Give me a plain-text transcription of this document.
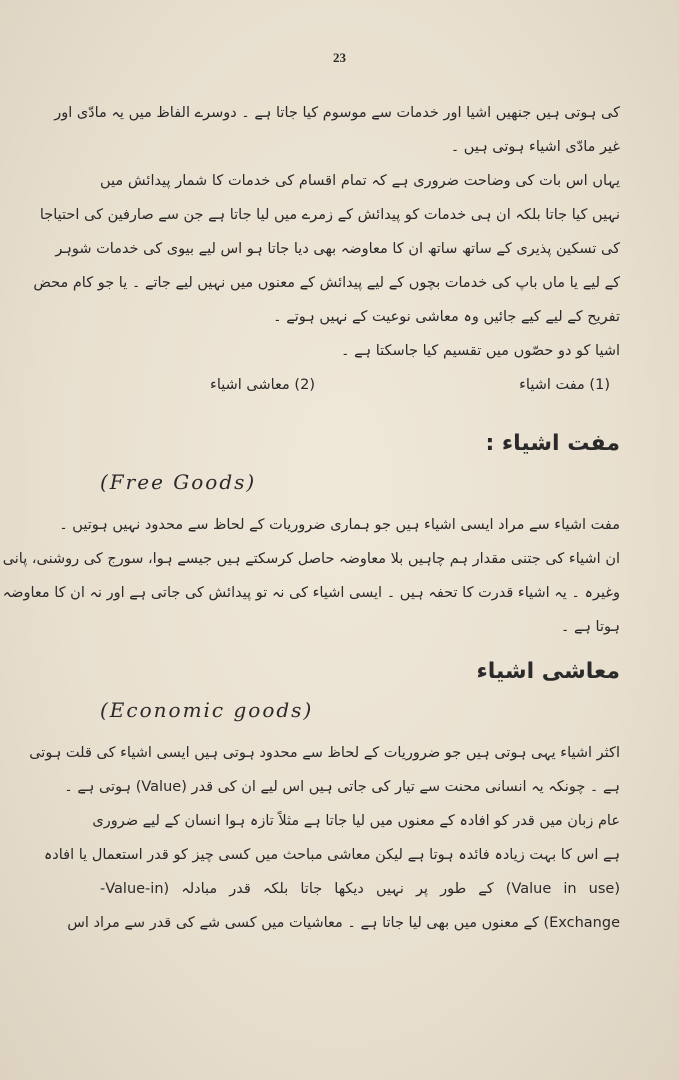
23
کی ہوتی ہیں جنھیں اشیا اور خدمات سے موسوم کیا جاتا ہے ۔ دوسرے الفاظ میں یہ مادّی اور
غیر مادّی اشیاء ہوتی ہیں ۔
یہاں اس بات کی وضاحت ضروری ہے کہ تمام اقسام کی خدمات کا شمار پیدائش میں
نہیں کیا جاتا بلکہ ان ہی خدمات کو پیدائش کے زمرے میں لیا جاتا ہے جن سے صارفین کی احتیاجا
کی تسکین پذیری کے ساتھ ساتھ ان کا معاوضہ بھی دیا جاتا ہو اس لیے بیوی کی خدمات شوہر
کے لیے یا ماں باپ کی خدمات بچوں کے لیے پیدائش کے معنوں میں نہیں لیے جاتے ۔ یا جو کام محض
تفریح کے لیے کیے جائیں وہ معاشی نوعیت کے نہیں ہوتے ۔
اشیا کو دو حصّوں میں تقسیم کیا جاسکتا ہے ۔
(1) مفت اشیاء
(2) معاشی اشیاء
مفت اشیاء :
(Free Goods)
مفت اشیاء سے مراد ایسی اشیاء ہیں جو ہماری ضروریات کے لحاظ سے محدود نہیں ہوتیں ۔
ان اشیاء کی جتنی مقدار ہم چاہیں بلا معاوضہ حاصل کرسکتے ہیں جیسے ہوا، سورج کی روشنی، پانی
وغیرہ ۔ یہ اشیاء قدرت کا تحفہ ہیں ۔ ایسی اشیاء کی نہ تو پیدائش کی جاتی ہے اور نہ ان کا معاوضہ
ہوتا ہے ۔
معاشی اشیاء
(Economic goods)
اکثر اشیاء یہی ہوتی ہیں جو ضروریات کے لحاظ سے محدود ہوتی ہیں ایسی اشیاء کی قلت ہوتی
ہے ۔ چونکہ یہ انسانی محنت سے تیار کی جاتی ہیں اس لیے ان کی قدر (Value) ہوتی ہے ۔
عام زبان میں قدر کو افادہ کے معنوں میں لیا جاتا ہے مثلاً تازہ ہوا انسان کے لیے ضروری
ہے اس کا بہت زیادہ فائدہ ہوتا ہے لیکن معاشی مباحث میں کسی چیز کو قدر استعمال یا افادہ
(Value in use) کے طور پر نہیں دیکھا جاتا بلکہ قدر مبادلہ (Value-in-
Exchange) کے معنوں میں بھی لیا جاتا ہے ۔ معاشیات میں کسی شے کی قدر سے مراد اس
